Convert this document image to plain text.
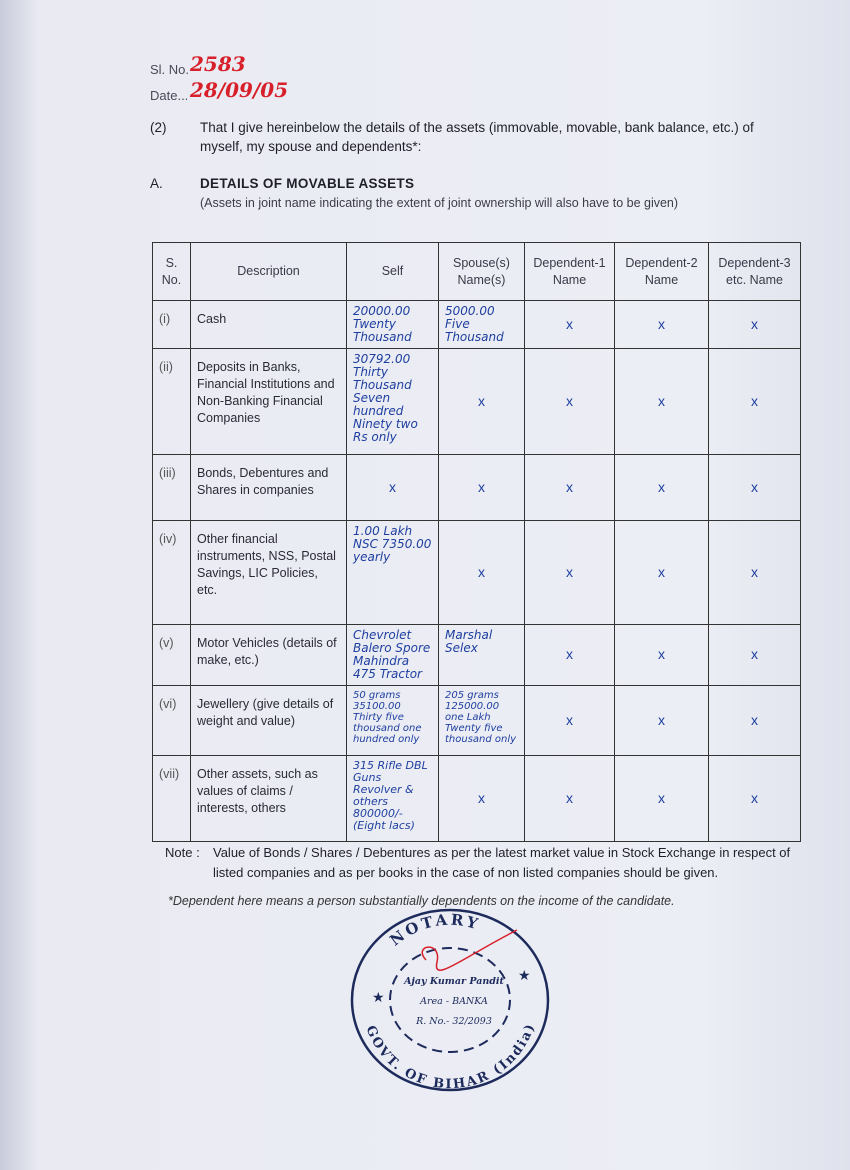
Sl. No. 2583
Date... 28/09/05
(2)	That I give hereinbelow the details of the assets (immovable, movable, bank balance, etc.) of myself, my spouse and dependents*:
A.	DETAILS OF MOVABLE ASSETS
(Assets in joint name indicating the extent of joint ownership will also have to be given)
S. No.	Description	Self	Spouse(s) Name(s)	Dependent-1 Name	Dependent-2 Name	Dependent-3 etc. Name
(i)	Cash	20000.00 Twenty Thousand	5000.00 Five Thousand	x	x	x
(ii)	Deposits in Banks, Financial Institutions and Non-Banking Financial Companies	30792.00 Thirty Thousand Seven hundred Ninety two Rs only	x	x	x	x
(iii)	Bonds, Debentures and Shares in companies	x	x	x	x	x
(iv)	Other financial instruments, NSS, Postal Savings, LIC Policies, etc.	1.00 Lakh NSC 7350.00 yearly	x	x	x	x
(v)	Motor Vehicles (details of make, etc.)	Chevrolet Balero Spore Mahindra 475 Tractor	Marshal Selex	x	x	x
(vi)	Jewellery (give details of weight and value)	50 grams 35100.00 Thirty five thousand one hundred only	205 grams 125000.00 one Lakh Twenty five thousand only	x	x	x
(vii)	Other assets, such as values of claims / interests, others	315 Rifle DBL Guns Revolver & others 800000/- (Eight lacs)	x	x	x	x
Note : Value of Bonds / Shares / Debentures as per the latest market value in Stock Exchange in respect of listed companies and as per books in the case of non listed companies should be given.
*Dependent here means a person substantially dependents on the income of the candidate.
NOTARY
GOVT. OF BIHAR (India)
★
★
Ajay Kumar Pandit
Area - BANKA
R. No.- 32/2093
